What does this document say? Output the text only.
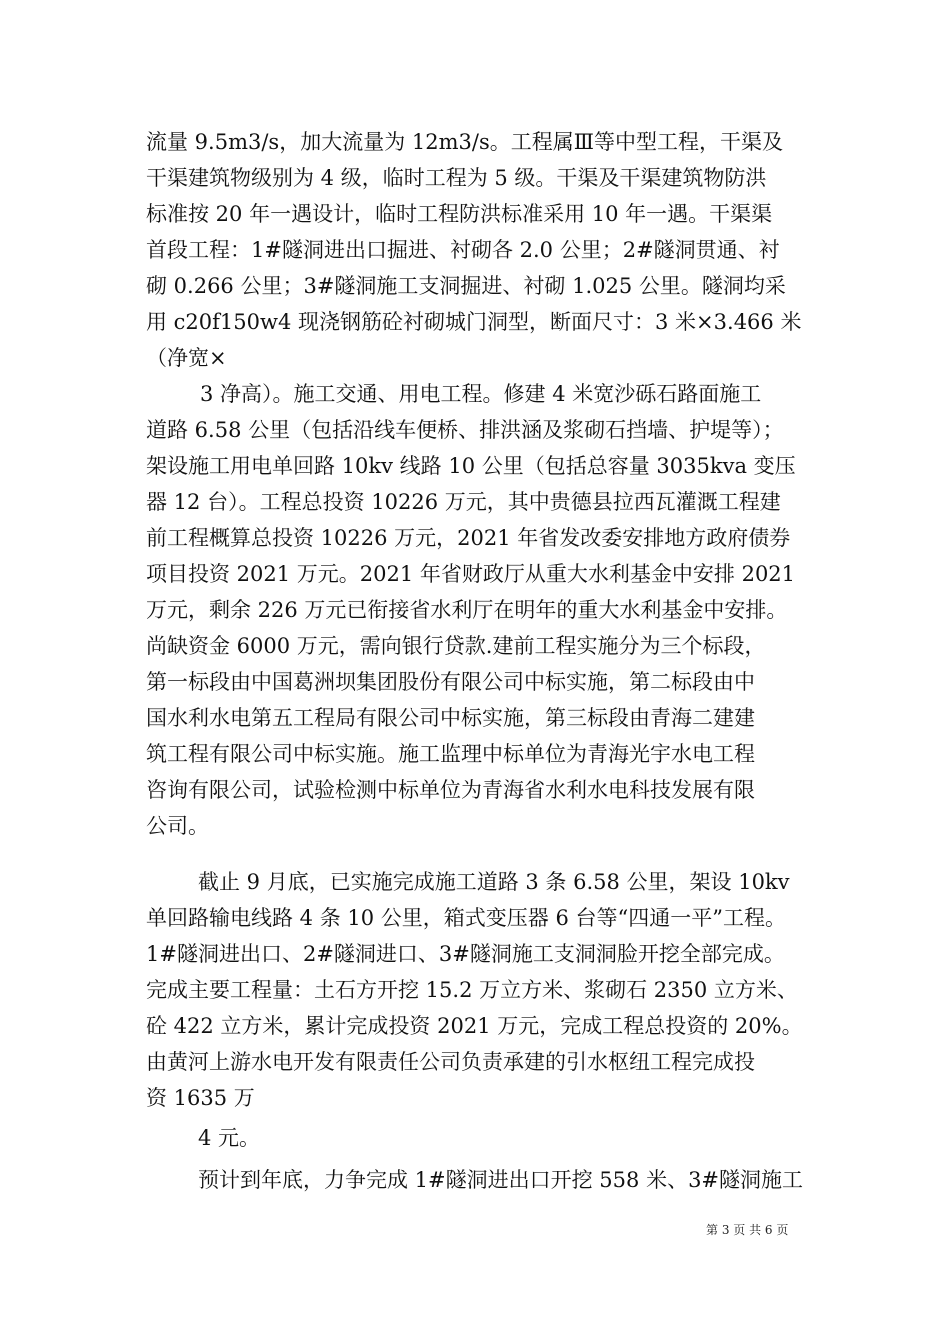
流量 9.5m3/s，加大流量为 12m3/s。工程属Ⅲ等中型工程，干渠及
干渠建筑物级别为 4 级，临时工程为 5 级。干渠及干渠建筑物防洪
标准按 20 年一遇设计，临时工程防洪标准采用 10 年一遇。干渠渠
首段工程：1#隧洞进出口掘进、衬砌各 2.0 公里；2#隧洞贯通、衬
砌 0.266 公里；3#隧洞施工支洞掘进、衬砌 1.025 公里。隧洞均采
用 c20f150w4 现浇钢筋砼衬砌城门洞型，断面尺寸：3 米×3.466 米
（净宽×
3 净高）。施工交通、用电工程。修建 4 米宽沙砾石路面施工
道路 6.58 公里（包括沿线车便桥、排洪涵及浆砌石挡墙、护堤等）；
架设施工用电单回路 10kv 线路 10 公里（包括总容量 3035kva 变压
器 12 台）。工程总投资 10226 万元，其中贵德县拉西瓦灌溉工程建
前工程概算总投资 10226 万元，2021 年省发改委安排地方政府债券
项目投资 2021 万元。2021 年省财政厅从重大水利基金中安排 2021
万元，剩余 226 万元已衔接省水利厅在明年的重大水利基金中安排。
尚缺资金 6000 万元，需向银行贷款.建前工程实施分为三个标段，
第一标段由中国葛洲坝集团股份有限公司中标实施，第二标段由中
国水利水电第五工程局有限公司中标实施，第三标段由青海二建建
筑工程有限公司中标实施。施工监理中标单位为青海光宇水电工程
咨询有限公司，试验检测中标单位为青海省水利水电科技发展有限
公司。
截止 9 月底，已实施完成施工道路 3 条 6.58 公里，架设 10kv
单回路输电线路 4 条 10 公里，箱式变压器 6 台等“四通一平”工程。
1#隧洞进出口、2#隧洞进口、3#隧洞施工支洞洞脸开挖全部完成。
完成主要工程量：土石方开挖 15.2 万立方米、浆砌石 2350 立方米、
砼 422 立方米，累计完成投资 2021 万元，完成工程总投资的 20%。
由黄河上游水电开发有限责任公司负责承建的引水枢纽工程完成投
资 1635 万
4 元。
预计到年底，力争完成 1#隧洞进出口开挖 558 米、3#隧洞施工
第 3 页 共 6 页
